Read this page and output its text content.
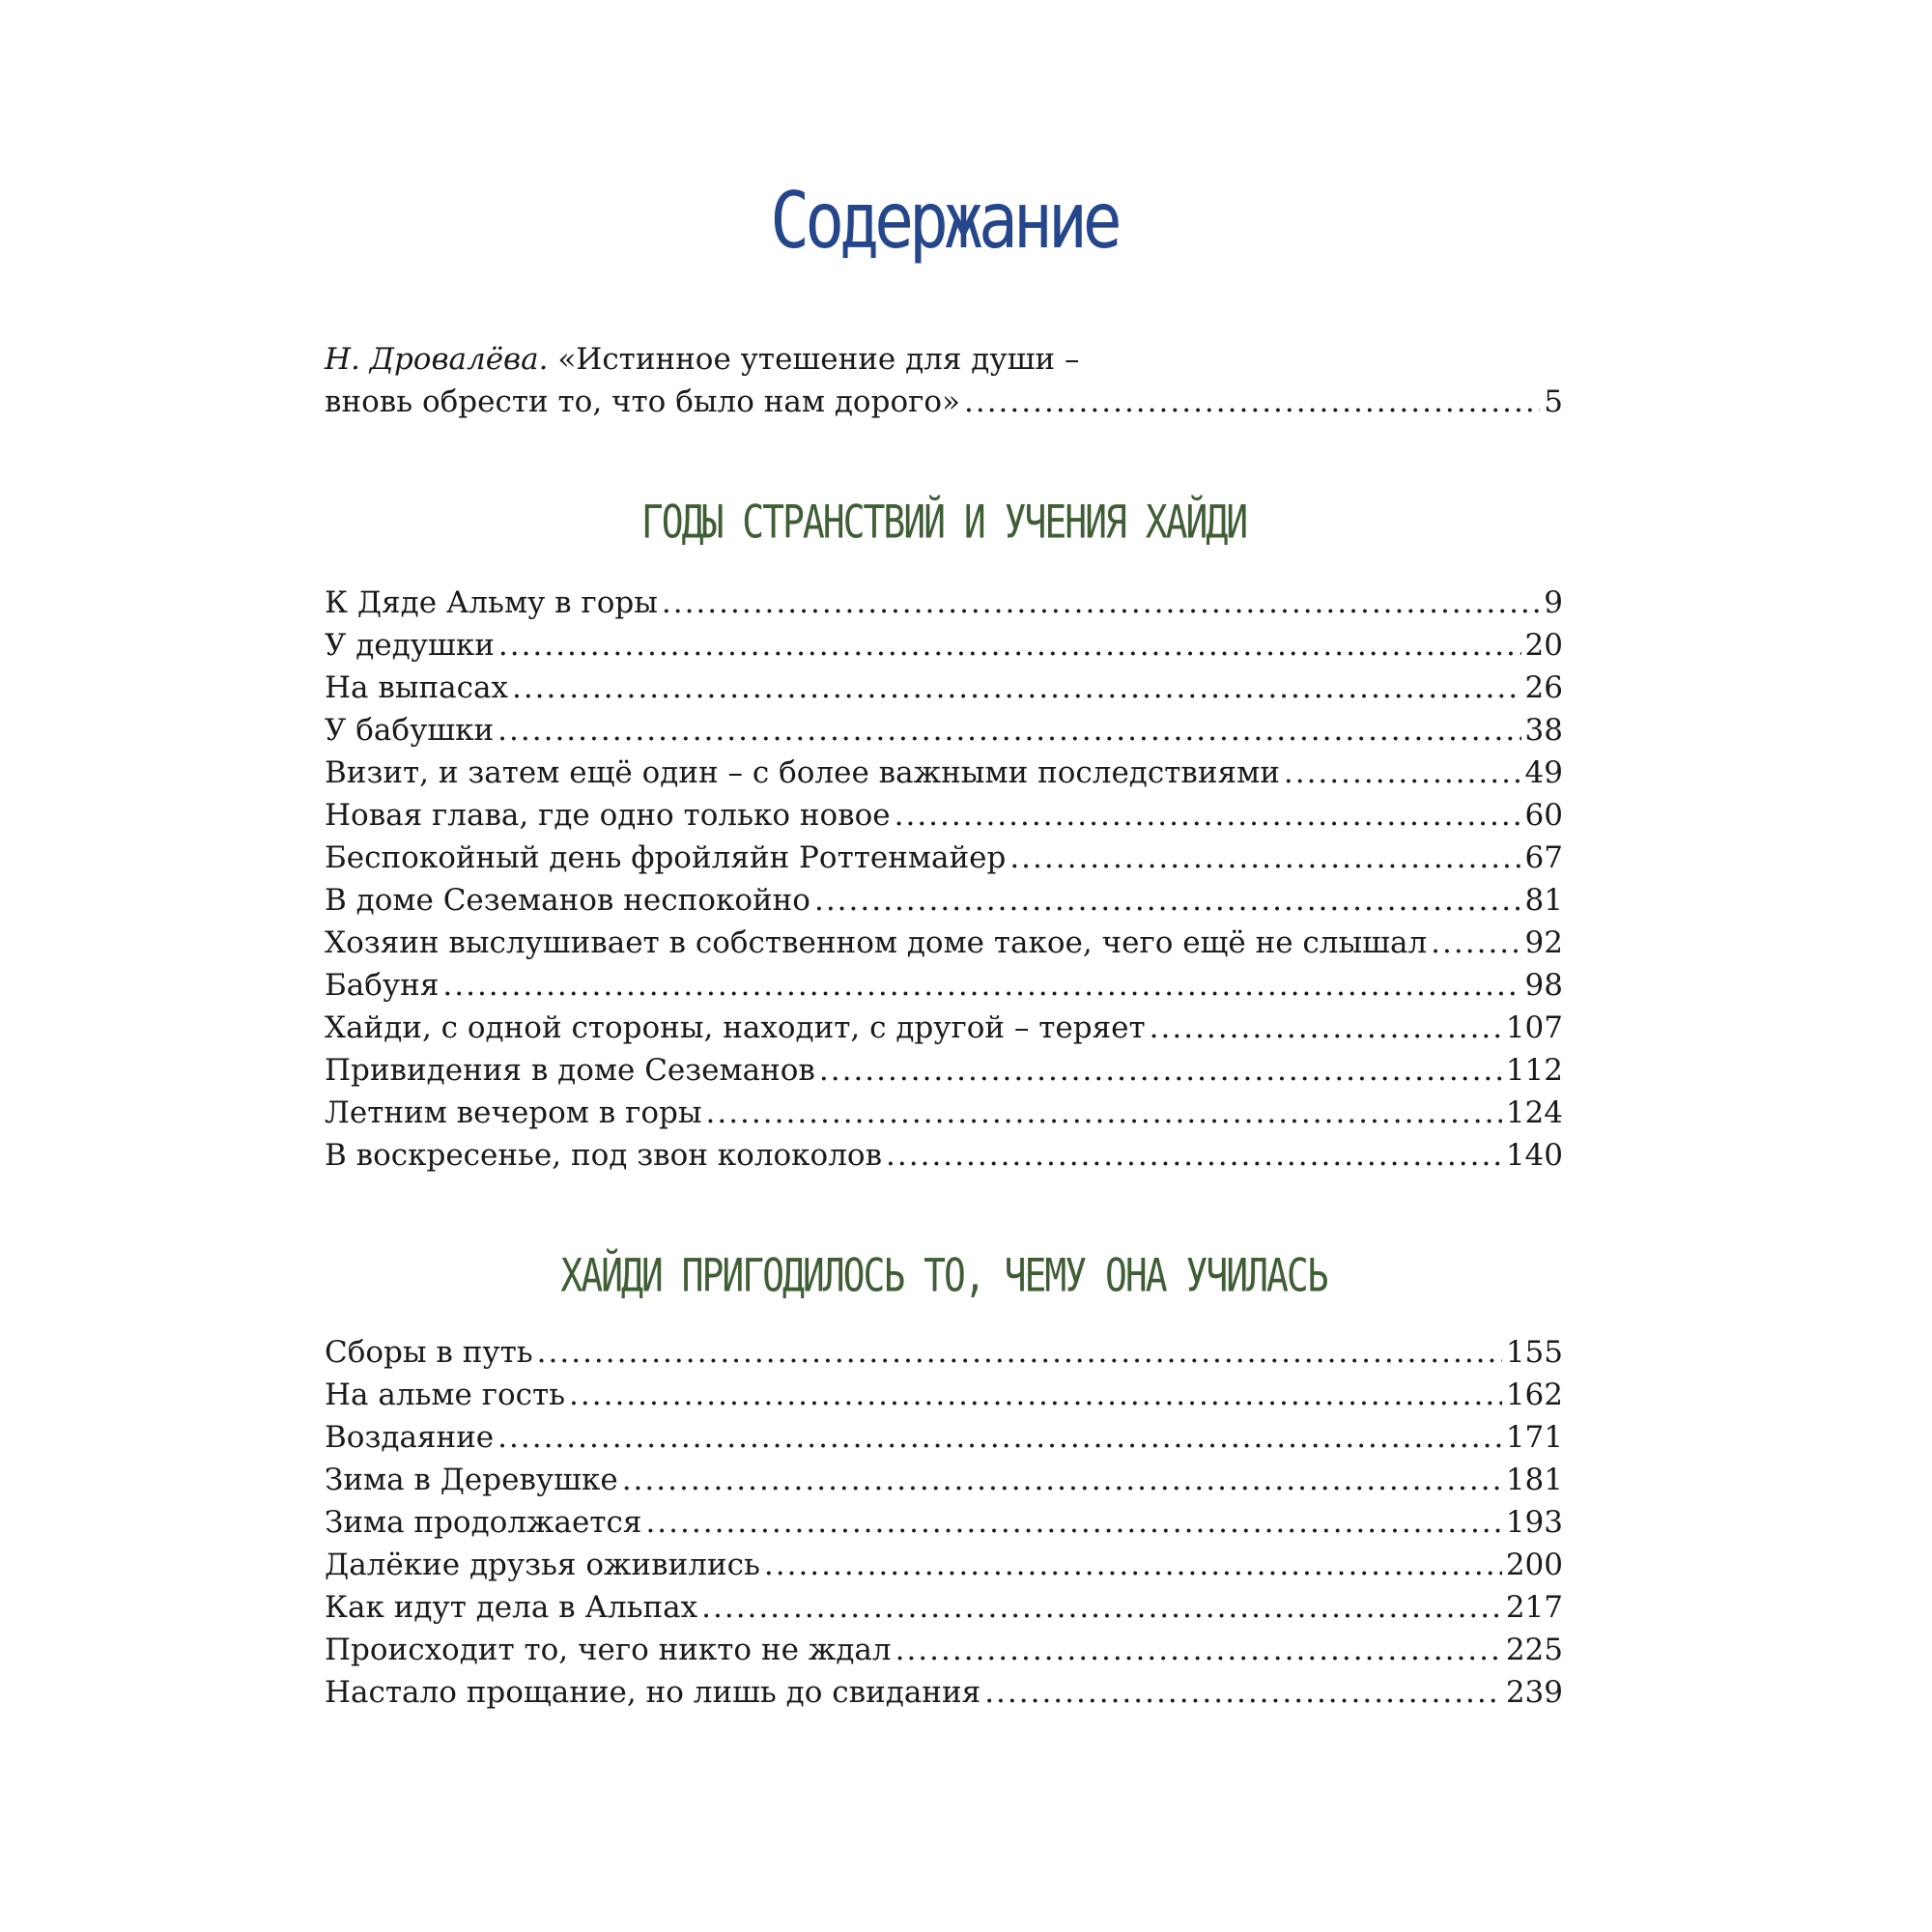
Содержание
Н. Дровалёва. «Истинное утешение для души –
вновь обрести то, что было нам дорого» .....	5
ГОДЫ СТРАНСТВИЙ И УЧЕНИЯ ХАЙДИ
К Дяде Альму в горы .....	9
У дедушки .....	20
На выпасах .....	26
У бабушки .....	38
Визит, и затем ещё один – с более важными последствиями .....	49
Новая глава, где одно только новое .....	60
Беспокойный день фройляйн Роттенмайер .....	67
В доме Сеземанов неспокойно .....	81
Хозяин выслушивает в собственном доме такое, чего ещё не слышал .....	92
Бабуня .....	98
Хайди, с одной стороны, находит, с другой – теряет .....	107
Привидения в доме Сеземанов .....	112
Летним вечером в горы .....	124
В воскресенье, под звон колоколов .....	140
ХАЙДИ ПРИГОДИЛОСЬ ТО, ЧЕМУ ОНА УЧИЛАСЬ
Сборы в путь .....	155
На альме гость .....	162
Воздаяние .....	171
Зима в Деревушке .....	181
Зима продолжается .....	193
Далёкие друзья оживились .....	200
Как идут дела в Альпах .....	217
Происходит то, чего никто не ждал .....	225
Настало прощание, но лишь до свидания .....	239
